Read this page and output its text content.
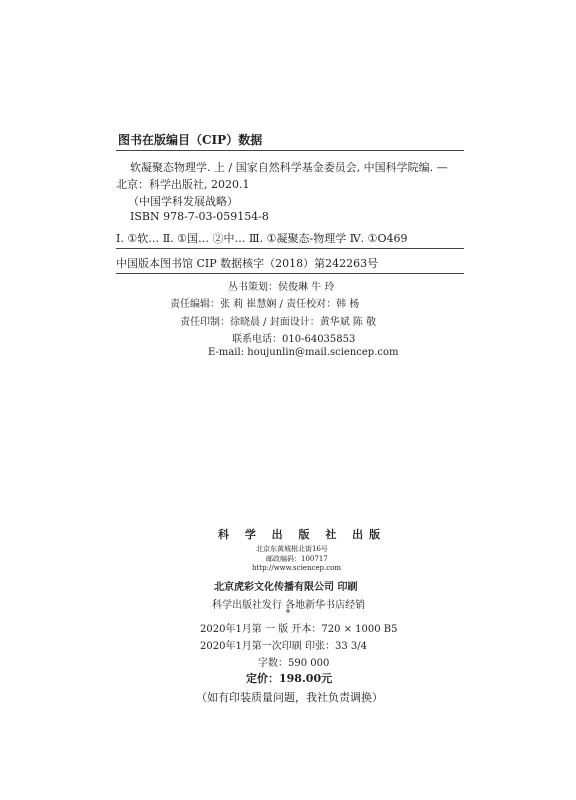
图书在版编目（CIP）数据
软凝聚态物理学. 上 / 国家自然科学基金委员会, 中国科学院编. —
北京：科学出版社, 2020.1
（中国学科发展战略）
ISBN 978-7-03-059154-8
Ⅰ. ①软… Ⅱ. ①国… ②中… Ⅲ. ①凝聚态-物理学 Ⅳ. ①O469
中国版本图书馆 CIP 数据核字（2018）第242263号
丛书策划：侯俊琳 牛 玲
责任编辑：张 莉 崔慧娴 / 责任校对：韩 杨
责任印制：徐晓晨 / 封面设计：黄华斌 陈 敬
联系电话：010-64035853
E-mail: houjunlin@mail.sciencep.com
科 学 出 版 社 出版
北京东黄城根北街16号
邮政编码：100717
http://www.sciencep.com
北京虎彩文化传播有限公司 印刷
科学出版社发行 各地新华书店经销
*
2020年1月第 一 版 开本：720 × 1000 B5
2020年1月第一次印刷 印张：33 3/4
字数：590 000
定价：198.00元
（如有印装质量问题，我社负责调换）
